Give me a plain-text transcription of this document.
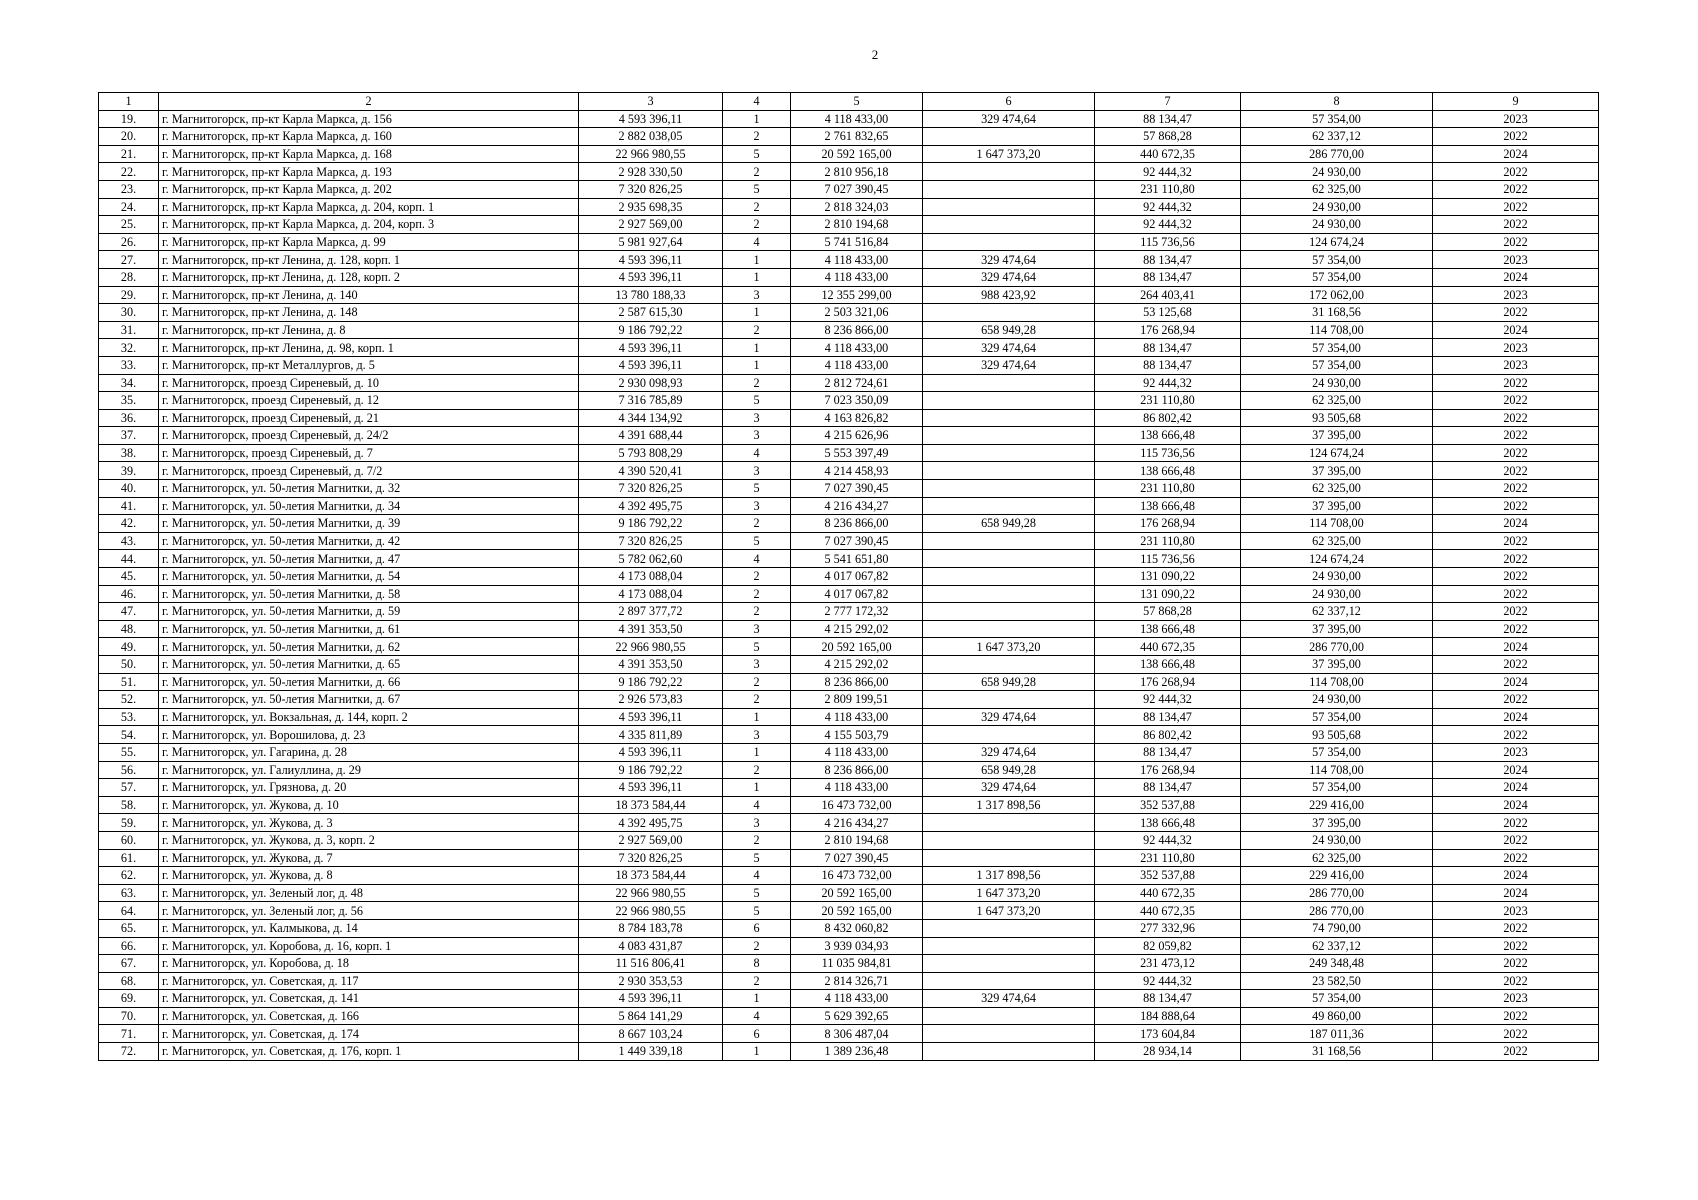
2
1	2	3	4	5	6	7	8	9
19.	г. Магнитогорск, пр-кт Карла Маркса, д. 156	4 593 396,11	1	4 118 433,00	329 474,64	88 134,47	57 354,00	2023
20.	г. Магнитогорск, пр-кт Карла Маркса, д. 160	2 882 038,05	2	2 761 832,65		57 868,28	62 337,12	2022
21.	г. Магнитогорск, пр-кт Карла Маркса, д. 168	22 966 980,55	5	20 592 165,00	1 647 373,20	440 672,35	286 770,00	2024
22.	г. Магнитогорск, пр-кт Карла Маркса, д. 193	2 928 330,50	2	2 810 956,18		92 444,32	24 930,00	2022
23.	г. Магнитогорск, пр-кт Карла Маркса, д. 202	7 320 826,25	5	7 027 390,45		231 110,80	62 325,00	2022
24.	г. Магнитогорск, пр-кт Карла Маркса, д. 204, корп. 1	2 935 698,35	2	2 818 324,03		92 444,32	24 930,00	2022
25.	г. Магнитогорск, пр-кт Карла Маркса, д. 204, корп. 3	2 927 569,00	2	2 810 194,68		92 444,32	24 930,00	2022
26.	г. Магнитогорск, пр-кт Карла Маркса, д. 99	5 981 927,64	4	5 741 516,84		115 736,56	124 674,24	2022
27.	г. Магнитогорск, пр-кт Ленина, д. 128, корп. 1	4 593 396,11	1	4 118 433,00	329 474,64	88 134,47	57 354,00	2023
28.	г. Магнитогорск, пр-кт Ленина, д. 128, корп. 2	4 593 396,11	1	4 118 433,00	329 474,64	88 134,47	57 354,00	2024
29.	г. Магнитогорск, пр-кт Ленина, д. 140	13 780 188,33	3	12 355 299,00	988 423,92	264 403,41	172 062,00	2023
30.	г. Магнитогорск, пр-кт Ленина, д. 148	2 587 615,30	1	2 503 321,06		53 125,68	31 168,56	2022
31.	г. Магнитогорск, пр-кт Ленина, д. 8	9 186 792,22	2	8 236 866,00	658 949,28	176 268,94	114 708,00	2024
32.	г. Магнитогорск, пр-кт Ленина, д. 98, корп. 1	4 593 396,11	1	4 118 433,00	329 474,64	88 134,47	57 354,00	2023
33.	г. Магнитогорск, пр-кт Металлургов, д. 5	4 593 396,11	1	4 118 433,00	329 474,64	88 134,47	57 354,00	2023
34.	г. Магнитогорск, проезд Сиреневый, д. 10	2 930 098,93	2	2 812 724,61		92 444,32	24 930,00	2022
35.	г. Магнитогорск, проезд Сиреневый, д. 12	7 316 785,89	5	7 023 350,09		231 110,80	62 325,00	2022
36.	г. Магнитогорск, проезд Сиреневый, д. 21	4 344 134,92	3	4 163 826,82		86 802,42	93 505,68	2022
37.	г. Магнитогорск, проезд Сиреневый, д. 24/2	4 391 688,44	3	4 215 626,96		138 666,48	37 395,00	2022
38.	г. Магнитогорск, проезд Сиреневый, д. 7	5 793 808,29	4	5 553 397,49		115 736,56	124 674,24	2022
39.	г. Магнитогорск, проезд Сиреневый, д. 7/2	4 390 520,41	3	4 214 458,93		138 666,48	37 395,00	2022
40.	г. Магнитогорск, ул. 50-летия Магнитки, д. 32	7 320 826,25	5	7 027 390,45		231 110,80	62 325,00	2022
41.	г. Магнитогорск, ул. 50-летия Магнитки, д. 34	4 392 495,75	3	4 216 434,27		138 666,48	37 395,00	2022
42.	г. Магнитогорск, ул. 50-летия Магнитки, д. 39	9 186 792,22	2	8 236 866,00	658 949,28	176 268,94	114 708,00	2024
43.	г. Магнитогорск, ул. 50-летия Магнитки, д. 42	7 320 826,25	5	7 027 390,45		231 110,80	62 325,00	2022
44.	г. Магнитогорск, ул. 50-летия Магнитки, д. 47	5 782 062,60	4	5 541 651,80		115 736,56	124 674,24	2022
45.	г. Магнитогорск, ул. 50-летия Магнитки, д. 54	4 173 088,04	2	4 017 067,82		131 090,22	24 930,00	2022
46.	г. Магнитогорск, ул. 50-летия Магнитки, д. 58	4 173 088,04	2	4 017 067,82		131 090,22	24 930,00	2022
47.	г. Магнитогорск, ул. 50-летия Магнитки, д. 59	2 897 377,72	2	2 777 172,32		57 868,28	62 337,12	2022
48.	г. Магнитогорск, ул. 50-летия Магнитки, д. 61	4 391 353,50	3	4 215 292,02		138 666,48	37 395,00	2022
49.	г. Магнитогорск, ул. 50-летия Магнитки, д. 62	22 966 980,55	5	20 592 165,00	1 647 373,20	440 672,35	286 770,00	2024
50.	г. Магнитогорск, ул. 50-летия Магнитки, д. 65	4 391 353,50	3	4 215 292,02		138 666,48	37 395,00	2022
51.	г. Магнитогорск, ул. 50-летия Магнитки, д. 66	9 186 792,22	2	8 236 866,00	658 949,28	176 268,94	114 708,00	2024
52.	г. Магнитогорск, ул. 50-летия Магнитки, д. 67	2 926 573,83	2	2 809 199,51		92 444,32	24 930,00	2022
53.	г. Магнитогорск, ул. Вокзальная, д. 144, корп. 2	4 593 396,11	1	4 118 433,00	329 474,64	88 134,47	57 354,00	2024
54.	г. Магнитогорск, ул. Ворошилова, д. 23	4 335 811,89	3	4 155 503,79		86 802,42	93 505,68	2022
55.	г. Магнитогорск, ул. Гагарина, д. 28	4 593 396,11	1	4 118 433,00	329 474,64	88 134,47	57 354,00	2023
56.	г. Магнитогорск, ул. Галиуллина, д. 29	9 186 792,22	2	8 236 866,00	658 949,28	176 268,94	114 708,00	2024
57.	г. Магнитогорск, ул. Грязнова, д. 20	4 593 396,11	1	4 118 433,00	329 474,64	88 134,47	57 354,00	2024
58.	г. Магнитогорск, ул. Жукова, д. 10	18 373 584,44	4	16 473 732,00	1 317 898,56	352 537,88	229 416,00	2024
59.	г. Магнитогорск, ул. Жукова, д. 3	4 392 495,75	3	4 216 434,27		138 666,48	37 395,00	2022
60.	г. Магнитогорск, ул. Жукова, д. 3, корп. 2	2 927 569,00	2	2 810 194,68		92 444,32	24 930,00	2022
61.	г. Магнитогорск, ул. Жукова, д. 7	7 320 826,25	5	7 027 390,45		231 110,80	62 325,00	2022
62.	г. Магнитогорск, ул. Жукова, д. 8	18 373 584,44	4	16 473 732,00	1 317 898,56	352 537,88	229 416,00	2024
63.	г. Магнитогорск, ул. Зеленый лог, д. 48	22 966 980,55	5	20 592 165,00	1 647 373,20	440 672,35	286 770,00	2024
64.	г. Магнитогорск, ул. Зеленый лог, д. 56	22 966 980,55	5	20 592 165,00	1 647 373,20	440 672,35	286 770,00	2023
65.	г. Магнитогорск, ул. Калмыкова, д. 14	8 784 183,78	6	8 432 060,82		277 332,96	74 790,00	2022
66.	г. Магнитогорск, ул. Коробова, д. 16, корп. 1	4 083 431,87	2	3 939 034,93		82 059,82	62 337,12	2022
67.	г. Магнитогорск, ул. Коробова, д. 18	11 516 806,41	8	11 035 984,81		231 473,12	249 348,48	2022
68.	г. Магнитогорск, ул. Советская, д. 117	2 930 353,53	2	2 814 326,71		92 444,32	23 582,50	2022
69.	г. Магнитогорск, ул. Советская, д. 141	4 593 396,11	1	4 118 433,00	329 474,64	88 134,47	57 354,00	2023
70.	г. Магнитогорск, ул. Советская, д. 166	5 864 141,29	4	5 629 392,65		184 888,64	49 860,00	2022
71.	г. Магнитогорск, ул. Советская, д. 174	8 667 103,24	6	8 306 487,04		173 604,84	187 011,36	2022
72.	г. Магнитогорск, ул. Советская, д. 176, корп. 1	1 449 339,18	1	1 389 236,48		28 934,14	31 168,56	2022
